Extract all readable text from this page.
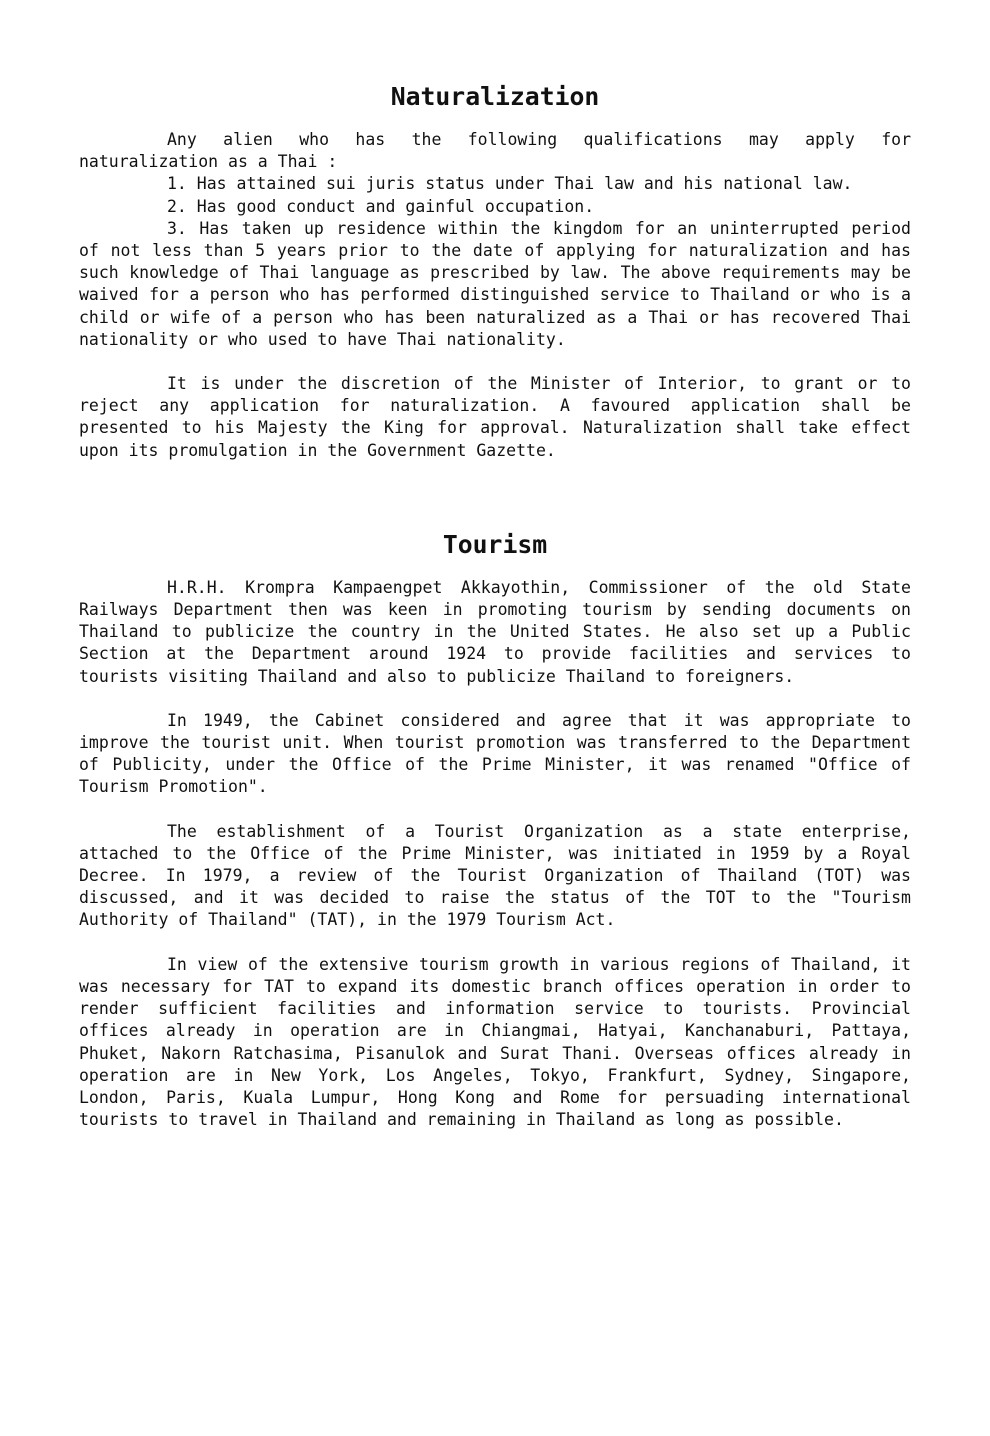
Naturalization

Any alien who has the following qualifications may apply for naturalization as a Thai :

1. Has attained sui juris status under Thai law and his national law.

2. Has good conduct and gainful occupation.

3. Has taken up residence within the kingdom for an uninterrupted period of not less than 5 years prior to the date of applying for naturalization and has such knowledge of Thai language as prescribed by law. The above requirements may be waived for a person who has performed distinguished service to Thailand or who is a child or wife of a person who has been naturalized as a Thai or has recovered Thai nationality or who used to have Thai nationality.

It is under the discretion of the Minister of Interior, to grant or to reject any application for naturalization. A favoured application shall be presented to his Majesty the King for approval. Naturalization shall take effect upon its promulgation in the Government Gazette.

Tourism

H.R.H. Krompra Kampaengpet Akkayothin, Commissioner of the old State Railways Department then was keen in promoting tourism by sending documents on Thailand to publicize the country in the United States. He also set up a Public Section at the Department around 1924 to provide facilities and services to tourists visiting Thailand and also to publicize Thailand to foreigners.

In 1949, the Cabinet considered and agree that it was appropriate to improve the tourist unit. When tourist promotion was transferred to the Department of Publicity, under the Office of the Prime Minister, it was renamed "Office of Tourism Promotion".

The establishment of a Tourist Organization as a state enterprise, attached to the Office of the Prime Minister, was initiated in 1959 by a Royal Decree. In 1979, a review of the Tourist Organization of Thailand (TOT) was discussed, and it was decided to raise the status of the TOT to the "Tourism Authority of Thailand" (TAT), in the 1979 Tourism Act.

In view of the extensive tourism growth in various regions of Thailand, it was necessary for TAT to expand its domestic branch offices operation in order to render sufficient facilities and information service to tourists. Provincial offices already in operation are in Chiangmai, Hatyai, Kanchanaburi, Pattaya, Phuket, Nakorn Ratchasima, Pisanulok and Surat Thani. Overseas offices already in operation are in New York, Los Angeles, Tokyo, Frankfurt, Sydney, Singapore, London, Paris, Kuala Lumpur, Hong Kong and Rome for persuading international tourists to travel in Thailand and remaining in Thailand as long as possible.
